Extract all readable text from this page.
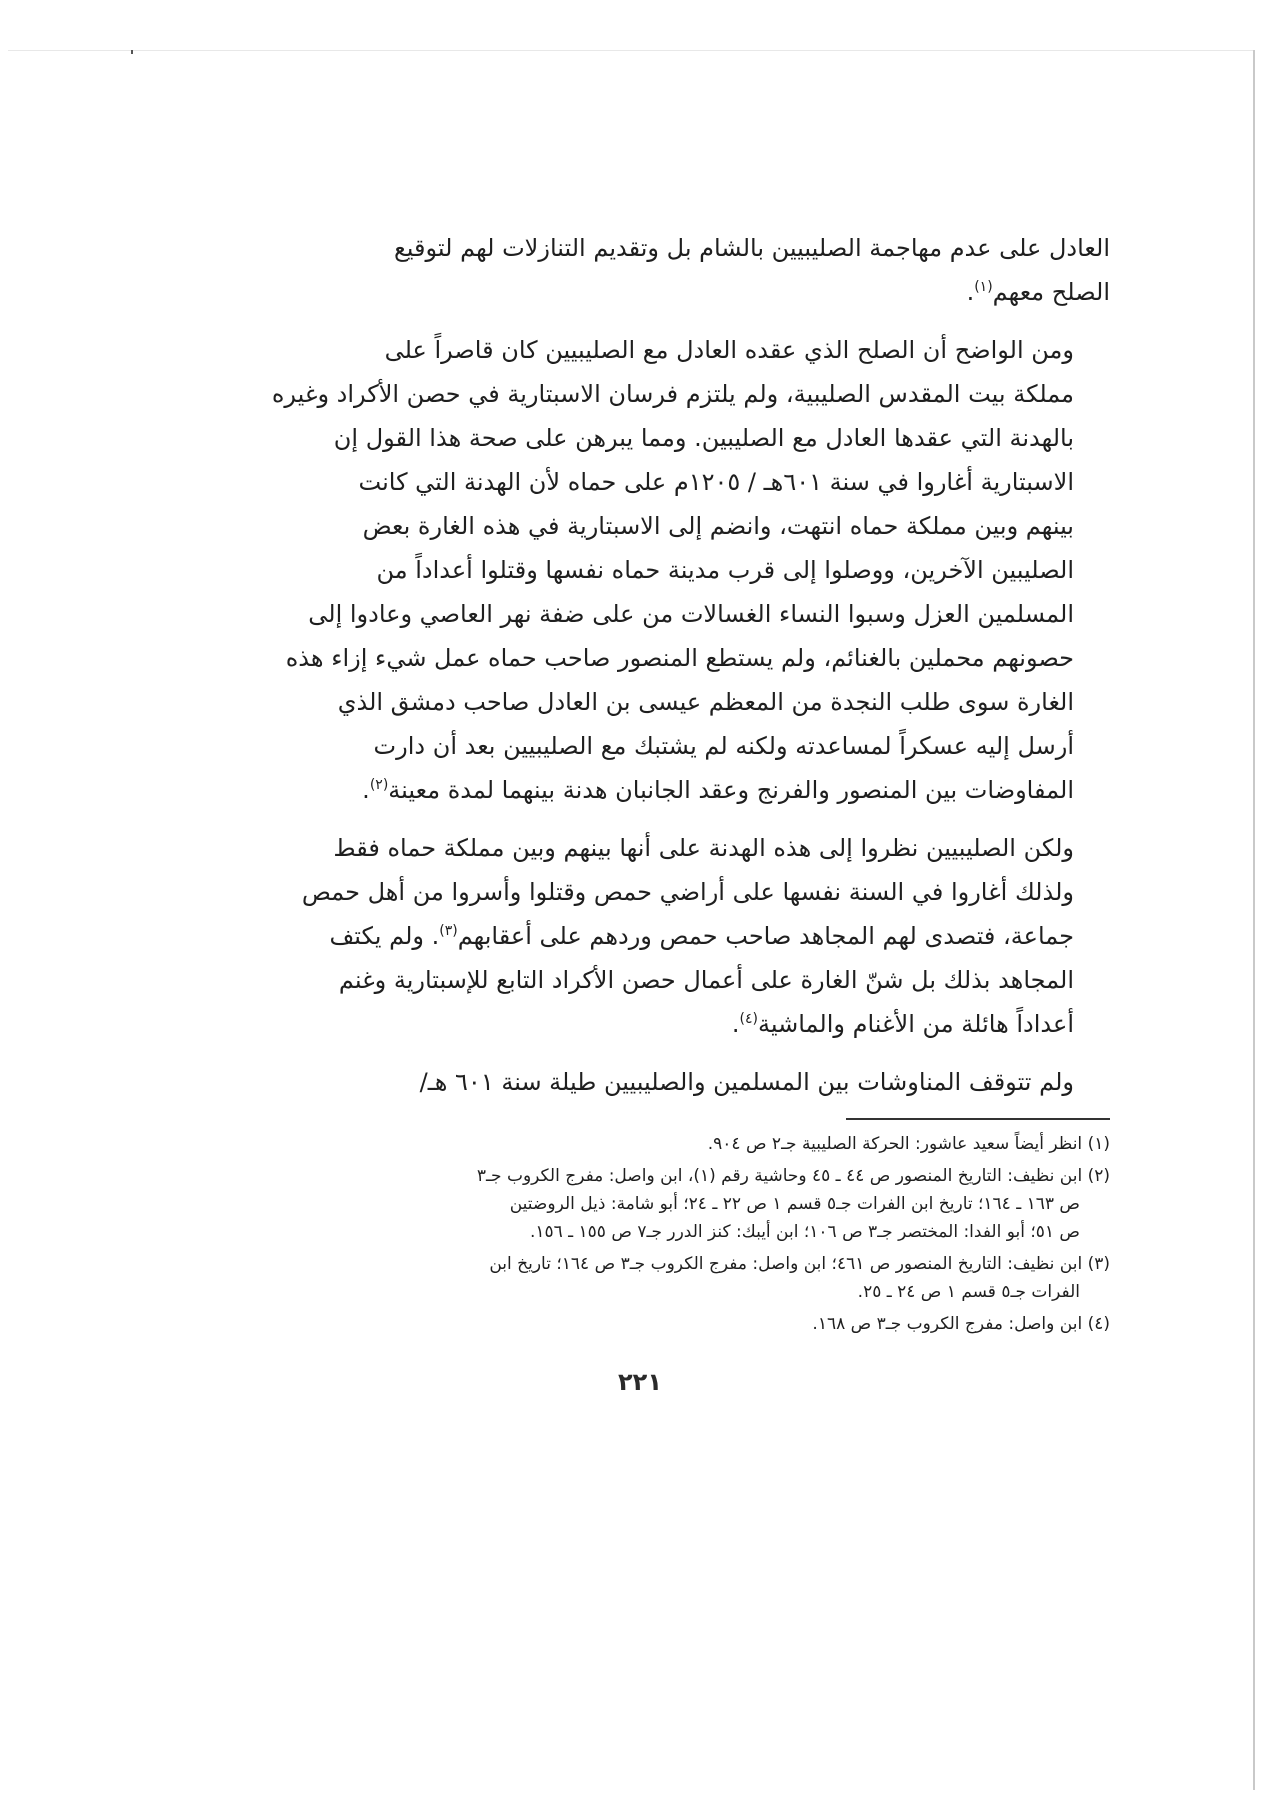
العادل على عدم مهاجمة الصليبيين بالشام بل وتقديم التنازلات لهم لتوقيع
الصلح معهم$^{(١)}$.

ومن الواضح أن الصلح الذي عقده العادل مع الصليبيين كان قاصراً على
مملكة بيت المقدس الصليبية، ولم يلتزم فرسان الاسبتارية في حصن الأكراد وغيره
بالهدنة التي عقدها العادل مع الصليبين. ومما يبرهن على صحة هذا القول إن
الاسبتارية أغاروا في سنة ٦٠١هـ / ١٢٠٥م على حماه لأن الهدنة التي كانت
بينهم وبين مملكة حماه انتهت، وانضم إلى الاسبتارية في هذه الغارة بعض
الصليبين الآخرين، ووصلوا إلى قرب مدينة حماه نفسها وقتلوا أعداداً من
المسلمين العزل وسبوا النساء الغسالات من على ضفة نهر العاصي وعادوا إلى
حصونهم محملين بالغنائم، ولم يستطع المنصور صاحب حماه عمل شيء إزاء هذه
الغارة سوى طلب النجدة من المعظم عيسى بن العادل صاحب دمشق الذي
أرسل إليه عسكراً لمساعدته ولكنه لم يشتبك مع الصليبيين بعد أن دارت
المفاوضات بين المنصور والفرنج وعقد الجانبان هدنة بينهما لمدة معينة$^{(٢)}$.

ولكن الصليبيين نظروا إلى هذه الهدنة على أنها بينهم وبين مملكة حماه فقط
ولذلك أغاروا في السنة نفسها على أراضي حمص وقتلوا وأسروا من أهل حمص
جماعة، فتصدى لهم المجاهد صاحب حمص وردهم على أعقابهم$^{(٣)}$. ولم يكتف
المجاهد بذلك بل شنّ الغارة على أعمال حصن الأكراد التابع للإسبتارية وغنم
أعداداً هائلة من الأغنام والماشية$^{(٤)}$.

ولم تتوقف المناوشات بين المسلمين والصليبيين طيلة سنة ٦٠١ هـ/

(١) انظر أيضاً سعيد عاشور: الحركة الصليبية جـ٢ ص ٩٠٤.

(٢) ابن نظيف: التاريخ المنصور ص ٤٤ ـ ٤٥ وحاشية رقم (١)، ابن واصل: مفرج الكروب جـ٣
ص ١٦٣ ـ ١٦٤؛ تاريخ ابن الفرات جـ٥ قسم ١ ص ٢٢ ـ ٢٤؛ أبو شامة: ذيل الروضتين
ص ٥١؛ أبو الفدا: المختصر جـ٣ ص ١٠٦؛ ابن أيبك: كنز الدرر جـ٧ ص ١٥٥ ـ ١٥٦.

(٣) ابن نظيف: التاريخ المنصور ص ٤٦١؛ ابن واصل: مفرج الكروب جـ٣ ص ١٦٤؛ تاريخ ابن
الفرات جـ٥ قسم ١ ص ٢٤ ـ ٢٥.

(٤) ابن واصل: مفرج الكروب جـ٣ ص ١٦٨.

٢٢١
